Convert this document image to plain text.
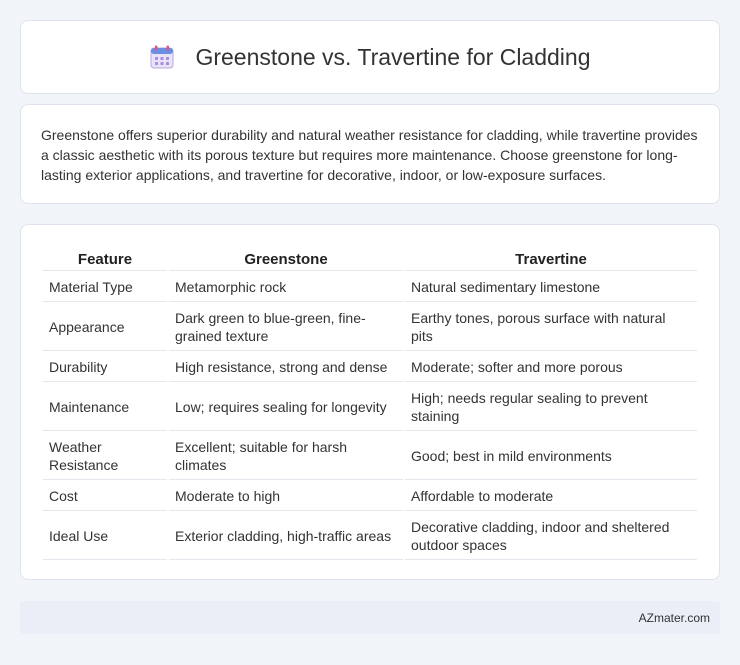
Greenstone vs. Travertine for Cladding

Greenstone offers superior durability and natural weather resistance for cladding, while travertine provides a classic aesthetic with its porous texture but requires more maintenance. Choose greenstone for long-lasting exterior applications, and travertine for decorative, indoor, or low-exposure surfaces.

Feature	Greenstone	Travertine
Material Type	Metamorphic rock	Natural sedimentary limestone
Appearance	Dark green to blue-green, fine-grained texture	Earthy tones, porous surface with natural pits
Durability	High resistance, strong and dense	Moderate; softer and more porous
Maintenance	Low; requires sealing for longevity	High; needs regular sealing to prevent staining
Weather Resistance	Excellent; suitable for harsh climates	Good; best in mild environments
Cost	Moderate to high	Affordable to moderate
Ideal Use	Exterior cladding, high-traffic areas	Decorative cladding, indoor and sheltered outdoor spaces
AZmater.com
